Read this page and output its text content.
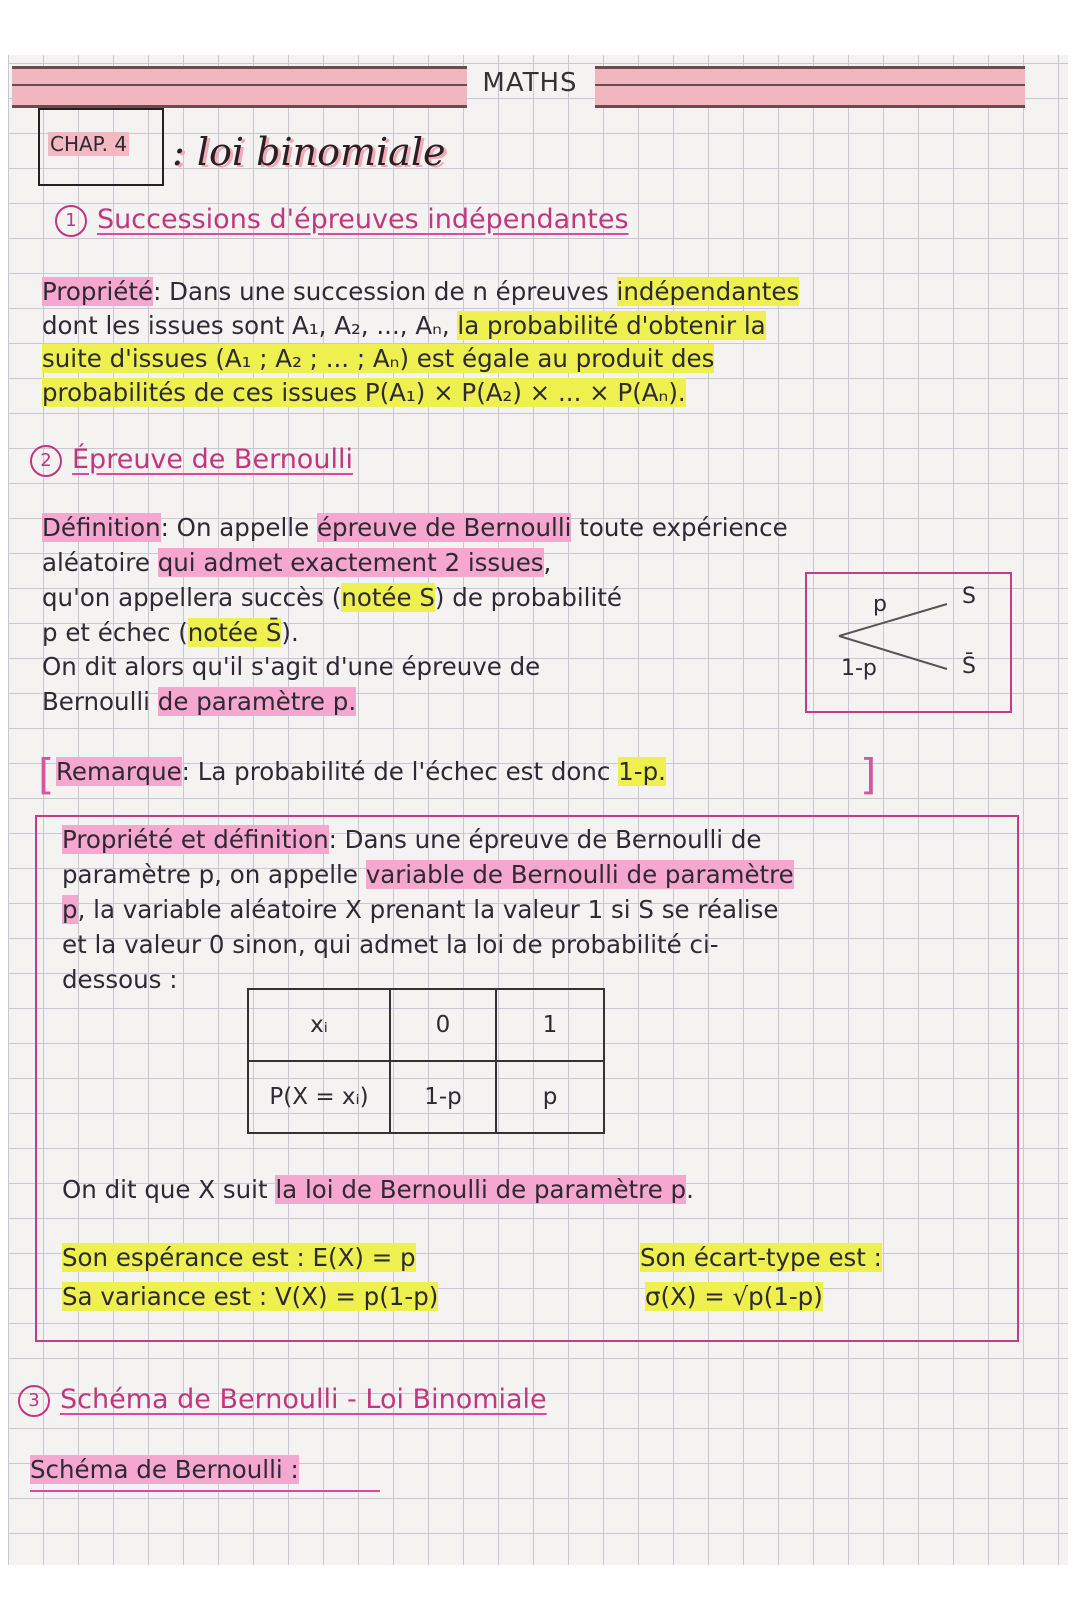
MATHS
CHAP. 4 : loi binomiale
1 Successions d'épreuves indépendantes
Propriété: Dans une succession de n épreuves indépendantes
dont les issues sont A₁, A₂, ..., Aₙ, la probabilité d'obtenir la
suite d'issues (A₁ ; A₂ ; ... ; Aₙ) est égale au produit des
probabilités de ces issues P(A₁) × P(A₂) × ... × P(Aₙ).
2 Épreuve de Bernoulli
Définition: On appelle épreuve de Bernoulli toute expérience
aléatoire qui admet exactement 2 issues,
qu'on appellera succès (notée S) de probabilité
p et échec (notée S̄).
On dit alors qu'il s'agit d'une épreuve de
Bernoulli de paramètre p.
p	S
1-p	S̄
[ Remarque: La probabilité de l'échec est donc 1-p.	]
Propriété et définition: Dans une épreuve de Bernoulli de
paramètre p, on appelle variable de Bernoulli de paramètre
p, la variable aléatoire X prenant la valeur 1 si S se réalise
et la valeur 0 sinon, qui admet la loi de probabilité ci-
dessous :
xᵢ	0	1
P(X = xᵢ)	1-p	p
On dit que X suit la loi de Bernoulli de paramètre p.
Son espérance est : E(X) = p
Sa variance est : V(X) = p(1-p)
Son écart-type est :
σ(X) = √p(1-p)
3 Schéma de Bernoulli - Loi Binomiale
Schéma de Bernoulli :
